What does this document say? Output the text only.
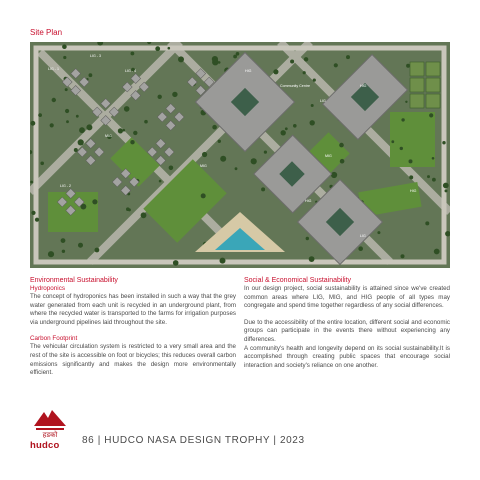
Site Plan
LIG - 1	LIG - 4
LIG - 3
MIG
HIG
Community Centre
LIG
HIG
MIG
HIG
LIG - 2
MIG
HIG
LIG
Environmental Sustainability
Hydroponics

The concept of hydroponics has been installed in such a way that the grey water generated from each unit is recycled in an underground plant, from where the recycled water is transported to the farms for irrigation purposes via underground pipelines laid throughout the site.

Carbon Footprint

The vehicular circulation system is restricted to a very small area and the rest of the site is accessible on foot or bicycles; this reduces overall carbon emissions significantly and makes the design more environmentally efficient.

Social & Economical Sustainability

In our design project, social sustainability is attained since we've created common areas where LIG, MIG, and HIG people of all types may congregate and spend time together regardless of any social differences.

Due to the accessibility of the entire location, different social and economic groups can participate in the events there without experiencing any differences.

A community's health and longevity depend on its social sustainability.It is accomplished through creating public spaces that encourage social interaction and society's reliance on one another.

हडको
hudco 86 | HUDCO NASA DESIGN TROPHY | 2023
